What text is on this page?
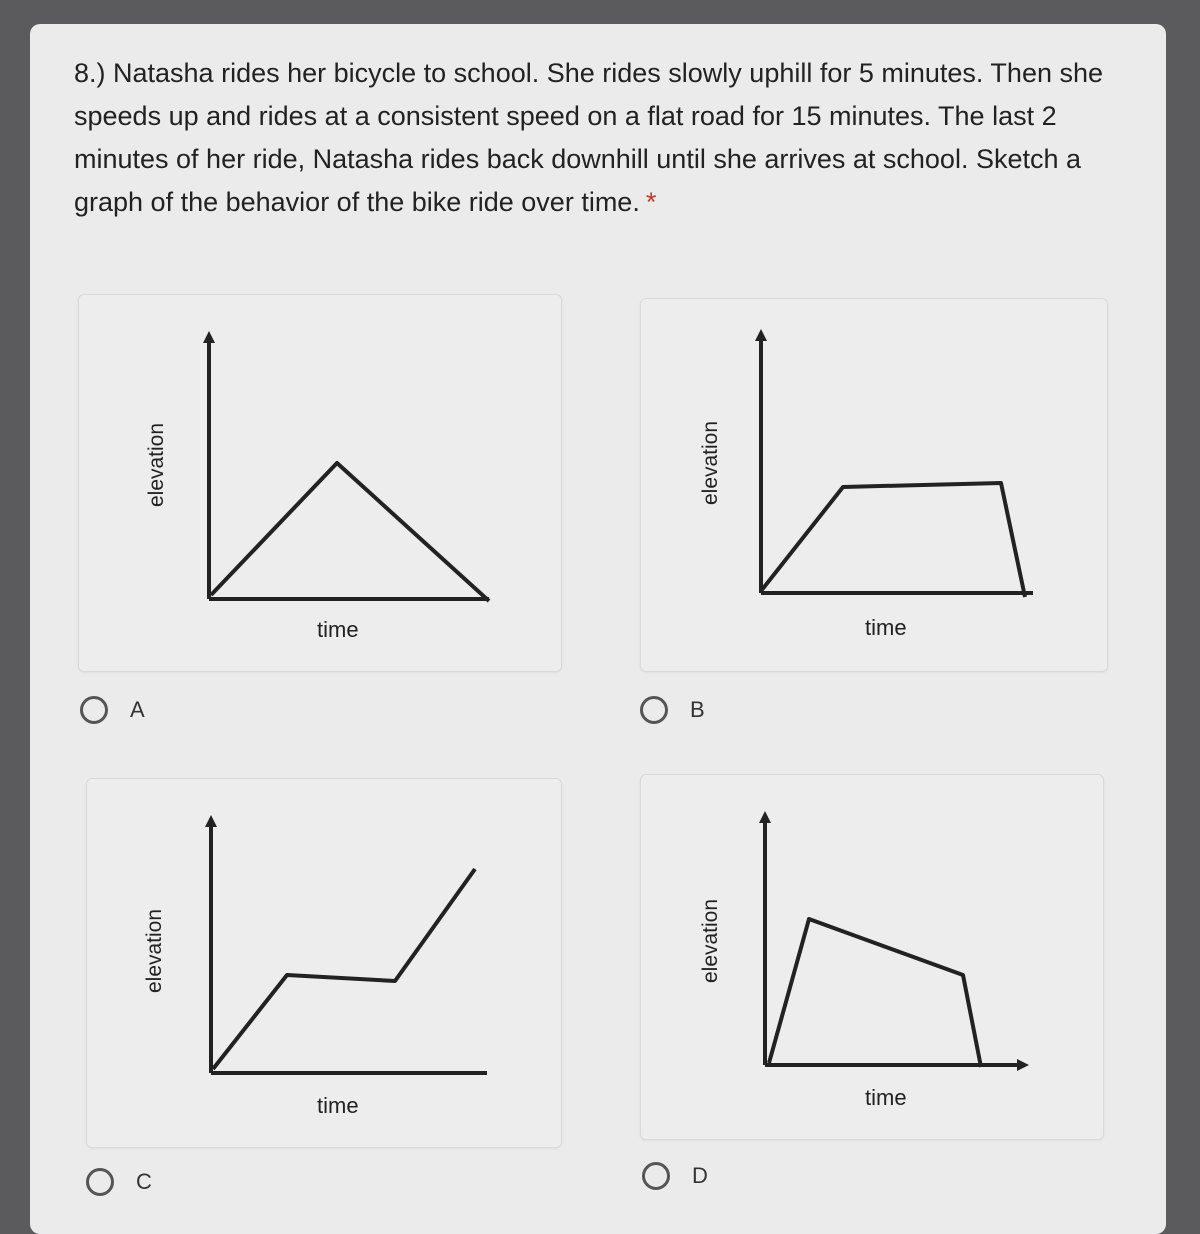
8.) Natasha rides her bicycle to school. She rides slowly uphill for 5 minutes. Then she speeds up and rides at a consistent speed on a flat road for 15 minutes. The last 2 minutes of her ride, Natasha rides back downhill until she arrives at school. Sketch a graph of the behavior of the bike ride over time. *

elevation
time
A
elevation
time
B
elevation
time
C
elevation
time
D
